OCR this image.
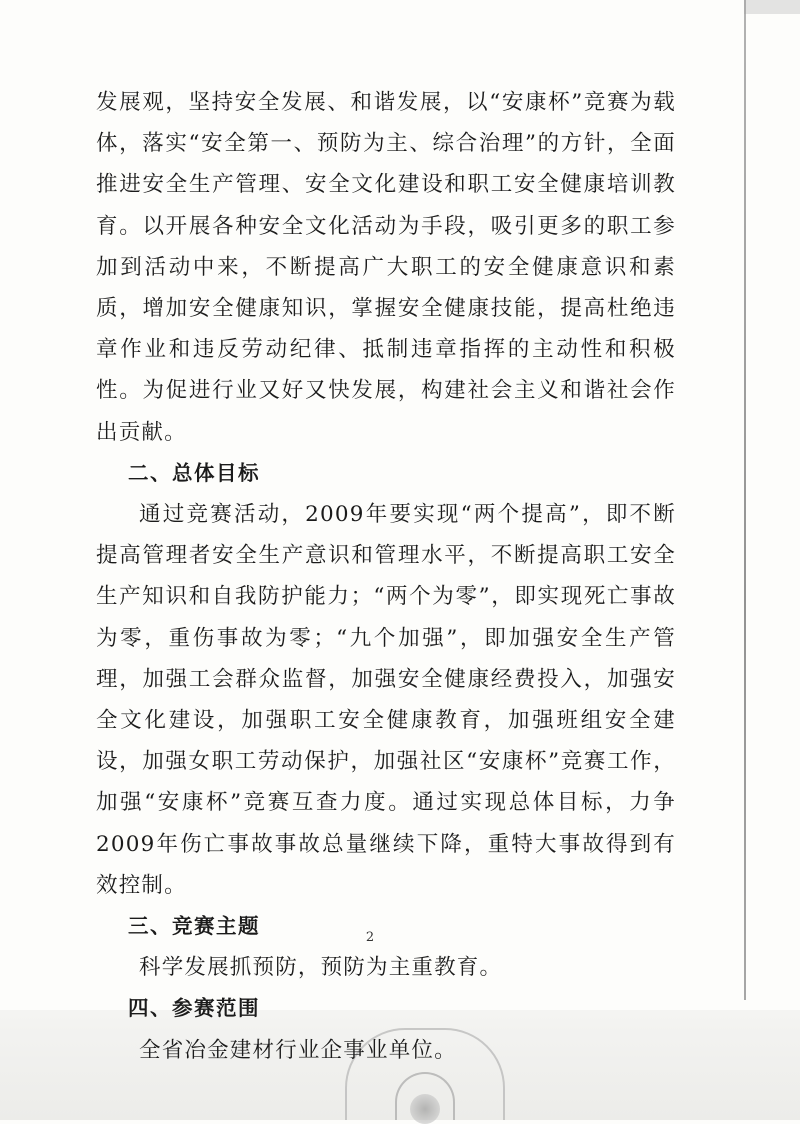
发展观，坚持安全发展、和谐发展，以“安康杯”竞赛为载体，落实“安全第一、预防为主、综合治理”的方针，全面推进安全生产管理、安全文化建设和职工安全健康培训教育。以开展各种安全文化活动为手段，吸引更多的职工参加到活动中来，不断提高广大职工的安全健康意识和素质，增加安全健康知识，掌握安全健康技能，提高杜绝违章作业和违反劳动纪律、抵制违章指挥的主动性和积极性。为促进行业又好又快发展，构建社会主义和谐社会作出贡献。

二、总体目标

通过竞赛活动，2009年要实现“两个提高”，即不断提高管理者安全生产意识和管理水平，不断提高职工安全生产知识和自我防护能力；“两个为零”，即实现死亡事故为零，重伤事故为零；“九个加强”，即加强安全生产管理，加强工会群众监督，加强安全健康经费投入，加强安全文化建设，加强职工安全健康教育，加强班组安全建设，加强女职工劳动保护，加强社区“安康杯”竞赛工作，加强“安康杯”竞赛互查力度。通过实现总体目标，力争2009年伤亡事故事故总量继续下降，重特大事故得到有效控制。

三、竞赛主题

科学发展抓预防，预防为主重教育。

四、参赛范围

全省冶金建材行业企事业单位。

2
